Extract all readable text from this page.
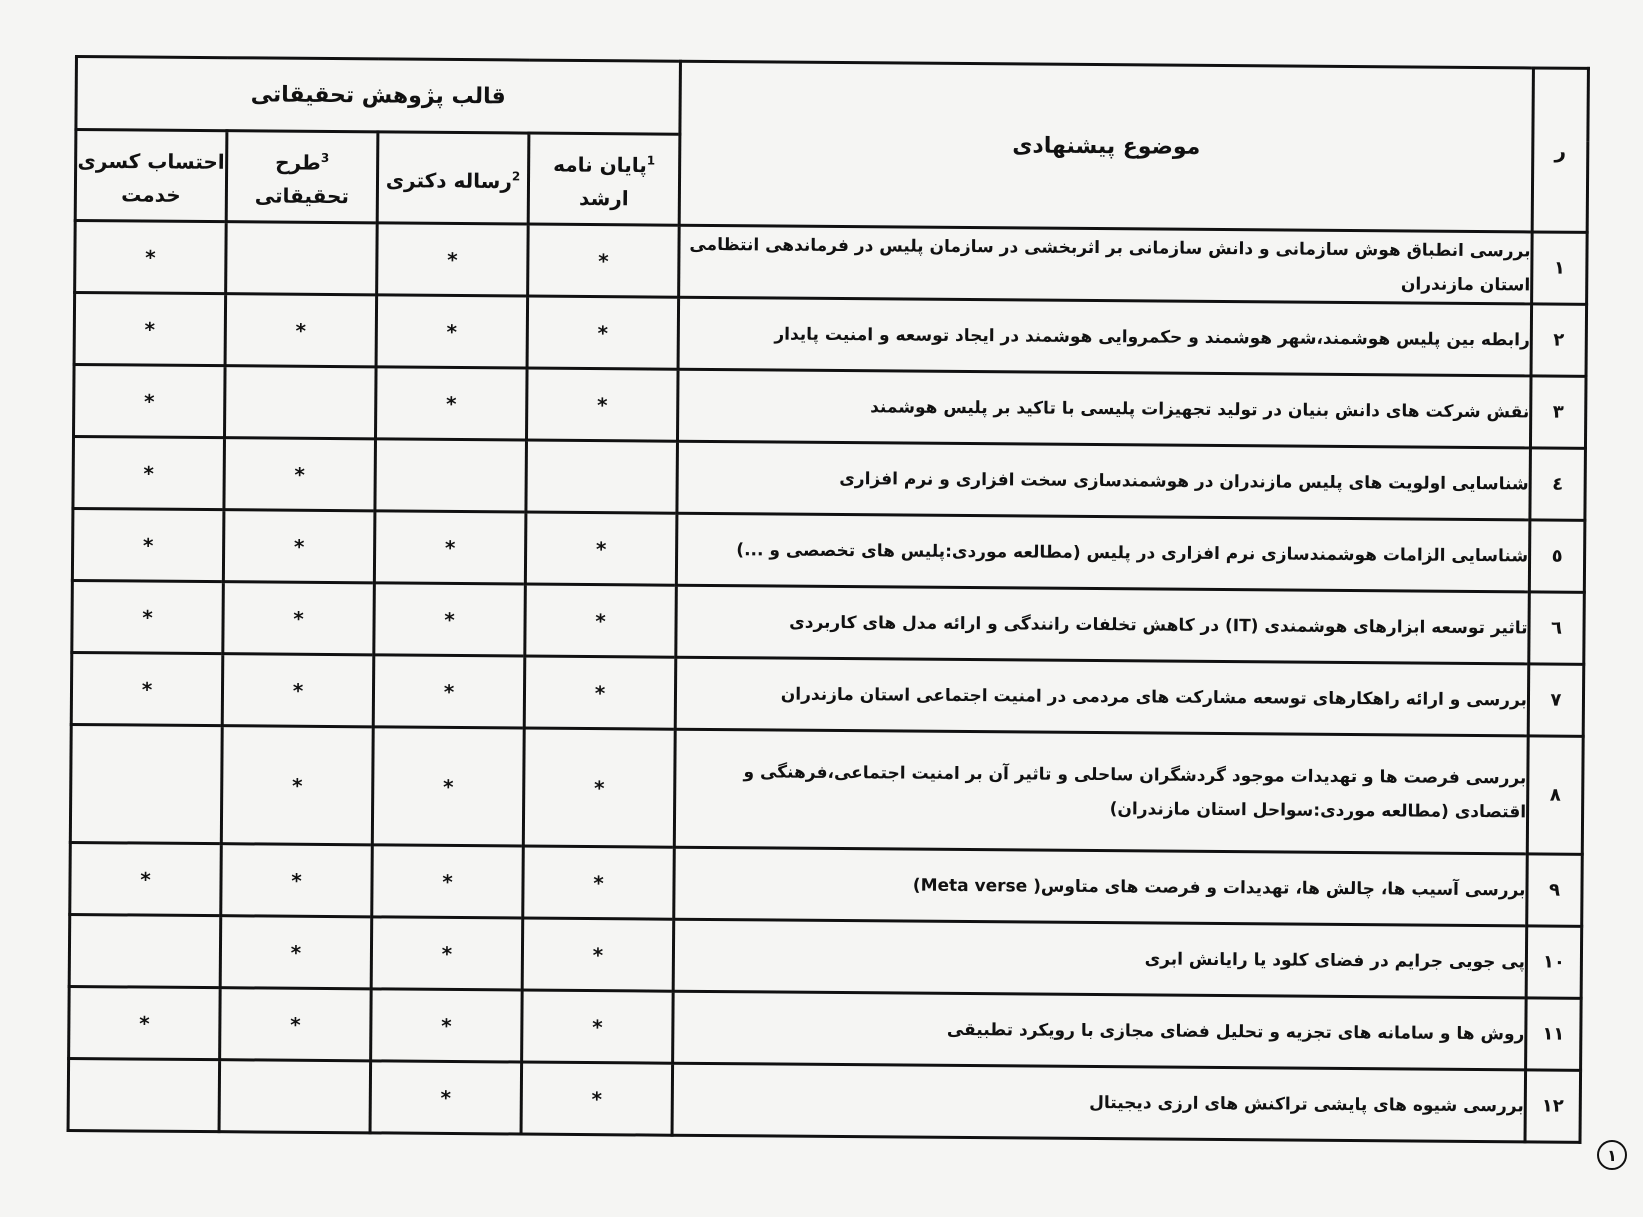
ر	موضوع پیشنهادی	قالب پژوهش تحقیقاتی			
		$^1$پایان نامه ارشد	$^2$رساله دکتری	$^3$طرح تحقیقاتی	احتساب کسری خدمت
۱	بررسی انطباق هوش سازمانی و دانش سازمانی بر اثربخشی در سازمان پلیس در فرماندهی انتظامی استان مازندران	*	*		*
۲	رابطه بین پلیس هوشمند،شهر هوشمند و حکمروایی هوشمند در ایجاد توسعه و امنیت پایدار	*	*	*	*
۳	نقش شرکت های دانش بنیان در تولید تجهیزات پلیسی با تاکید بر پلیس هوشمند	*	*		*
٤	شناسایی اولویت های پلیس مازندران در هوشمندسازی سخت افزاری و نرم افزاری			*	*
٥	شناسایی الزامات هوشمندسازی نرم افزاری در پلیس (مطالعه موردی:پلیس های تخصصی و ...)	*	*	*	*
٦	تاثیر توسعه ابزارهای هوشمندی (IT) در کاهش تخلفات رانندگی و ارائه مدل های کاربردی	*	*	*	*
۷	بررسی و ارائه راهکارهای توسعه مشارکت های مردمی در امنیت اجتماعی استان مازندران	*	*	*	*
۸	بررسی فرصت ها و تهدیدات موجود گردشگران ساحلی و تاثیر آن بر امنیت اجتماعی،فرهنگی و اقتصادی (مطالعه موردی:سواحل استان مازندران)	*	*	*	
۹	بررسی آسیب ها، چالش ها، تهدیدات و فرصت های متاوس( Meta verse)	*	*	*	*
۱۰	پی جویی جرایم در فضای کلود یا رایانش ابری	*	*	*	
۱۱	روش ها و سامانه های تجزیه و تحلیل فضای مجازی با رویکرد تطبیقی	*	*	*	*
۱۲	بررسی شیوه های پایشی تراکنش های ارزی دیجیتال	*	*		
۱
